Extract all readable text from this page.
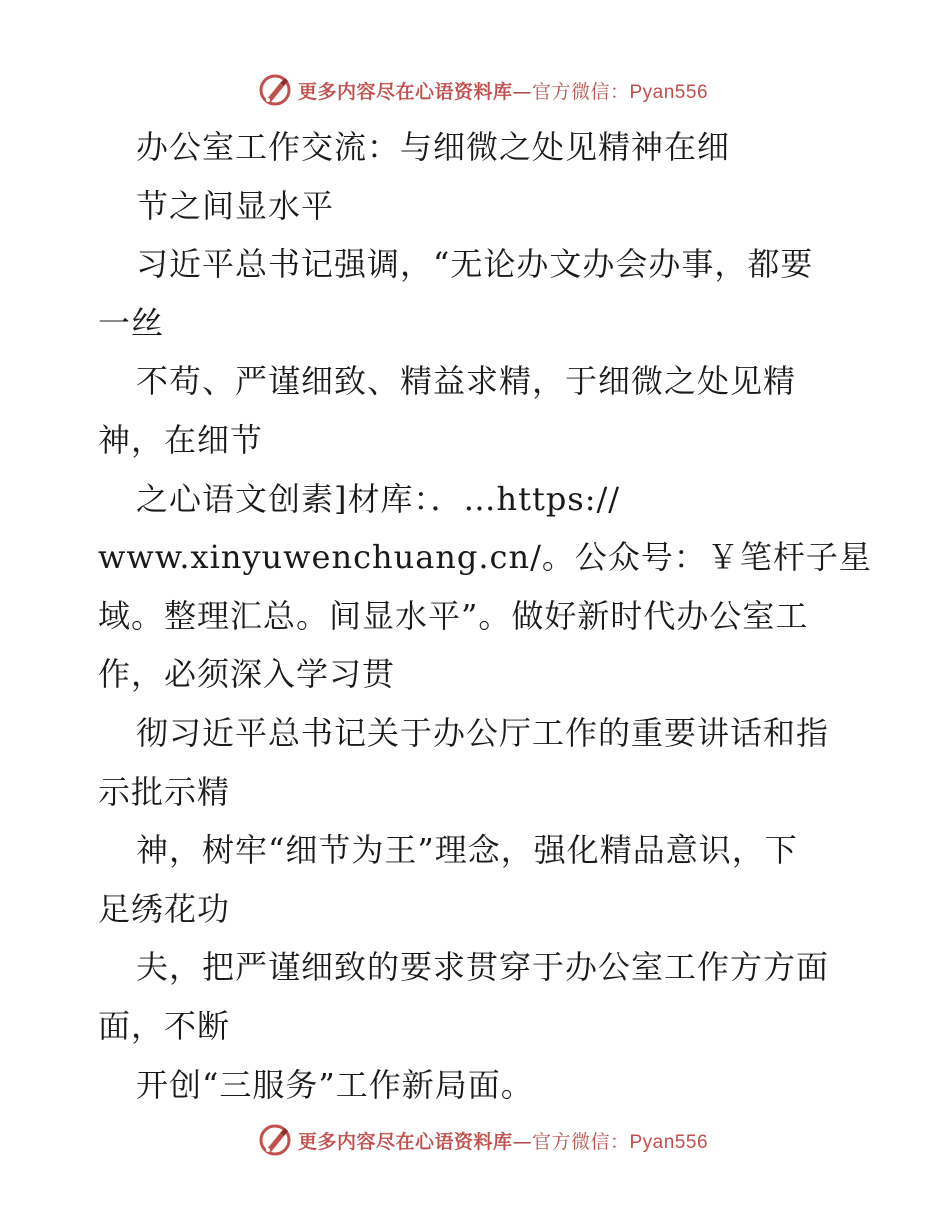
更多内容尽在心语资料库—官方微信：Pyan556
办公室工作交流：与细微之处见精神在细
节之间显水平
习近平总书记强调，“无论办文办会办事，都要
一丝
不苟、严谨细致、精益求精，于细微之处见精
神，在细节
之心语文创素]材库：．…https://
www.xinyuwenchuang.cn/。公众号：￥笔杆子星
域。整理汇总。间显水平”。做好新时代办公室工
作，必须深入学习贯
彻习近平总书记关于办公厅工作的重要讲话和指
示批示精
神，树牢“细节为王”理念，强化精品意识，下
足绣花功
夫，把严谨细致的要求贯穿于办公室工作方方面
面，不断
开创“三服务”工作新局面。
更多内容尽在心语资料库—官方微信：Pyan556
